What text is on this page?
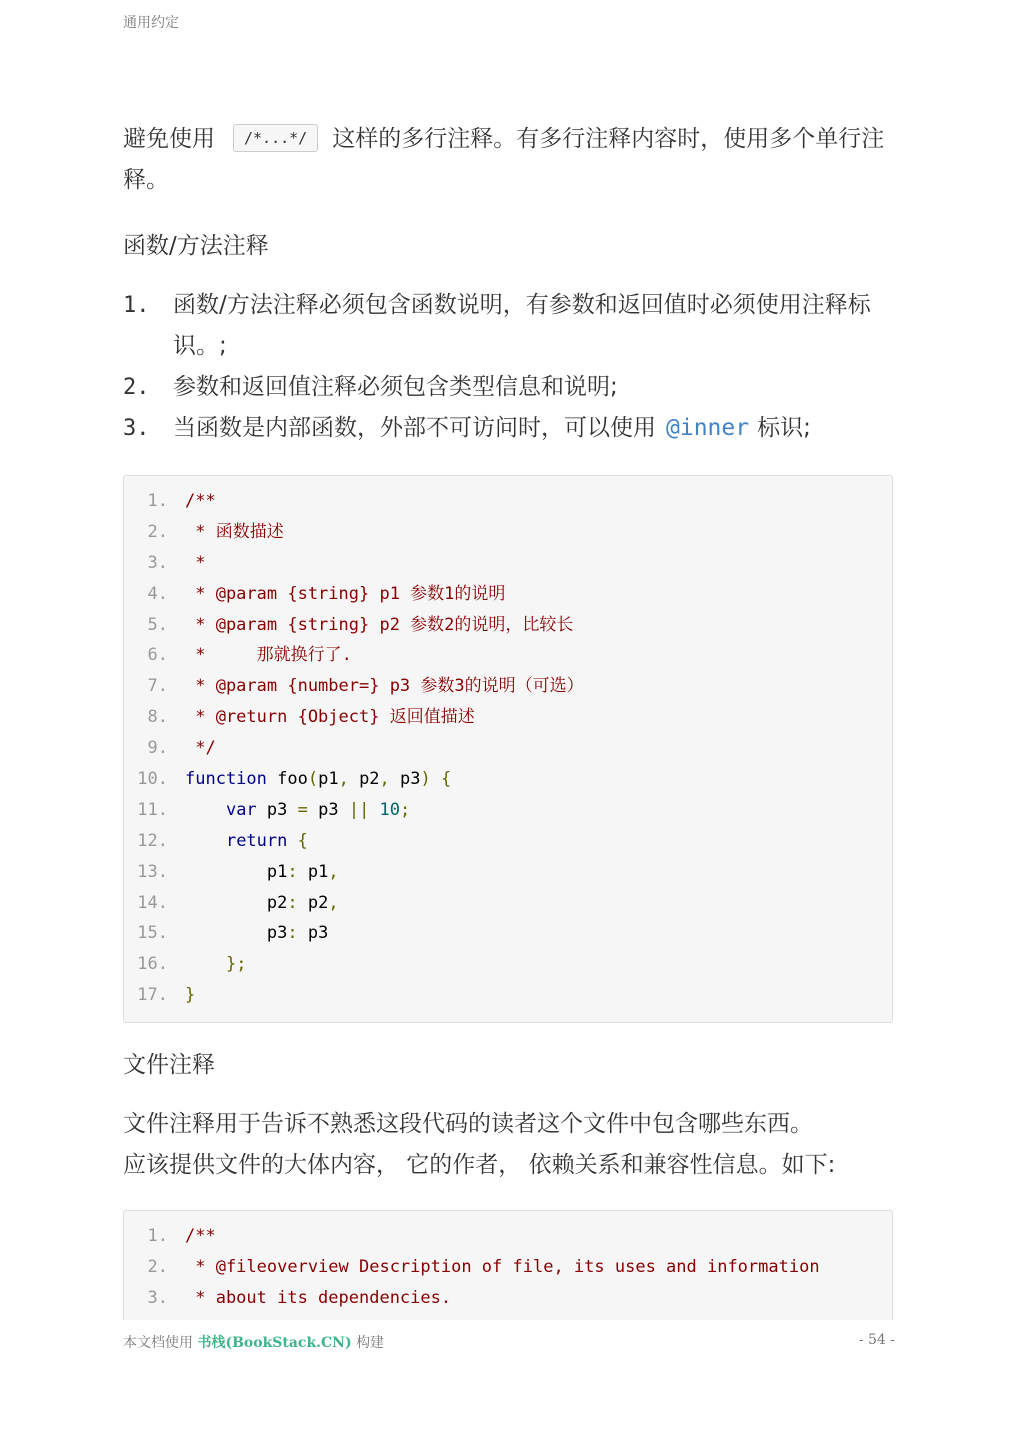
通用约定

避免使用 /*...*/ 这样的多行注释。有多行注释内容时，使用多个单行注释。

函数/方法注释
1. 函数/方法注释必须包含函数说明，有参数和返回值时必须使用注释标识。;
2. 参数和返回值注释必须包含类型信息和说明;
3. 当函数是内部函数，外部不可访问时，可以使用 @inner 标识;
1. /**
2. * 函数描述
3. *
4. * @param {string} p1 参数1的说明
5. * @param {string} p2 参数2的说明，比较长
6. *     那就换行了.
7. * @param {number=} p3 参数3的说明（可选）
8. * @return {Object} 返回值描述
9. */
10. function foo(p1, p2, p3) {
11.	var p3 = p3 || 10;
12.	return {
13.	p1: p1,
14.	p2: p2,
15.	p3: p3
16.	};
17. }
文件注释

文件注释用于告诉不熟悉这段代码的读者这个文件中包含哪些东西。

应该提供文件的大体内容， 它的作者， 依赖关系和兼容性信息。如下:

1. /**
2. * @fileoverview Description of file, its uses and information
3. * about its dependencies.
本文档使用 书栈(BookStack.CN) 构建	- 54 -
